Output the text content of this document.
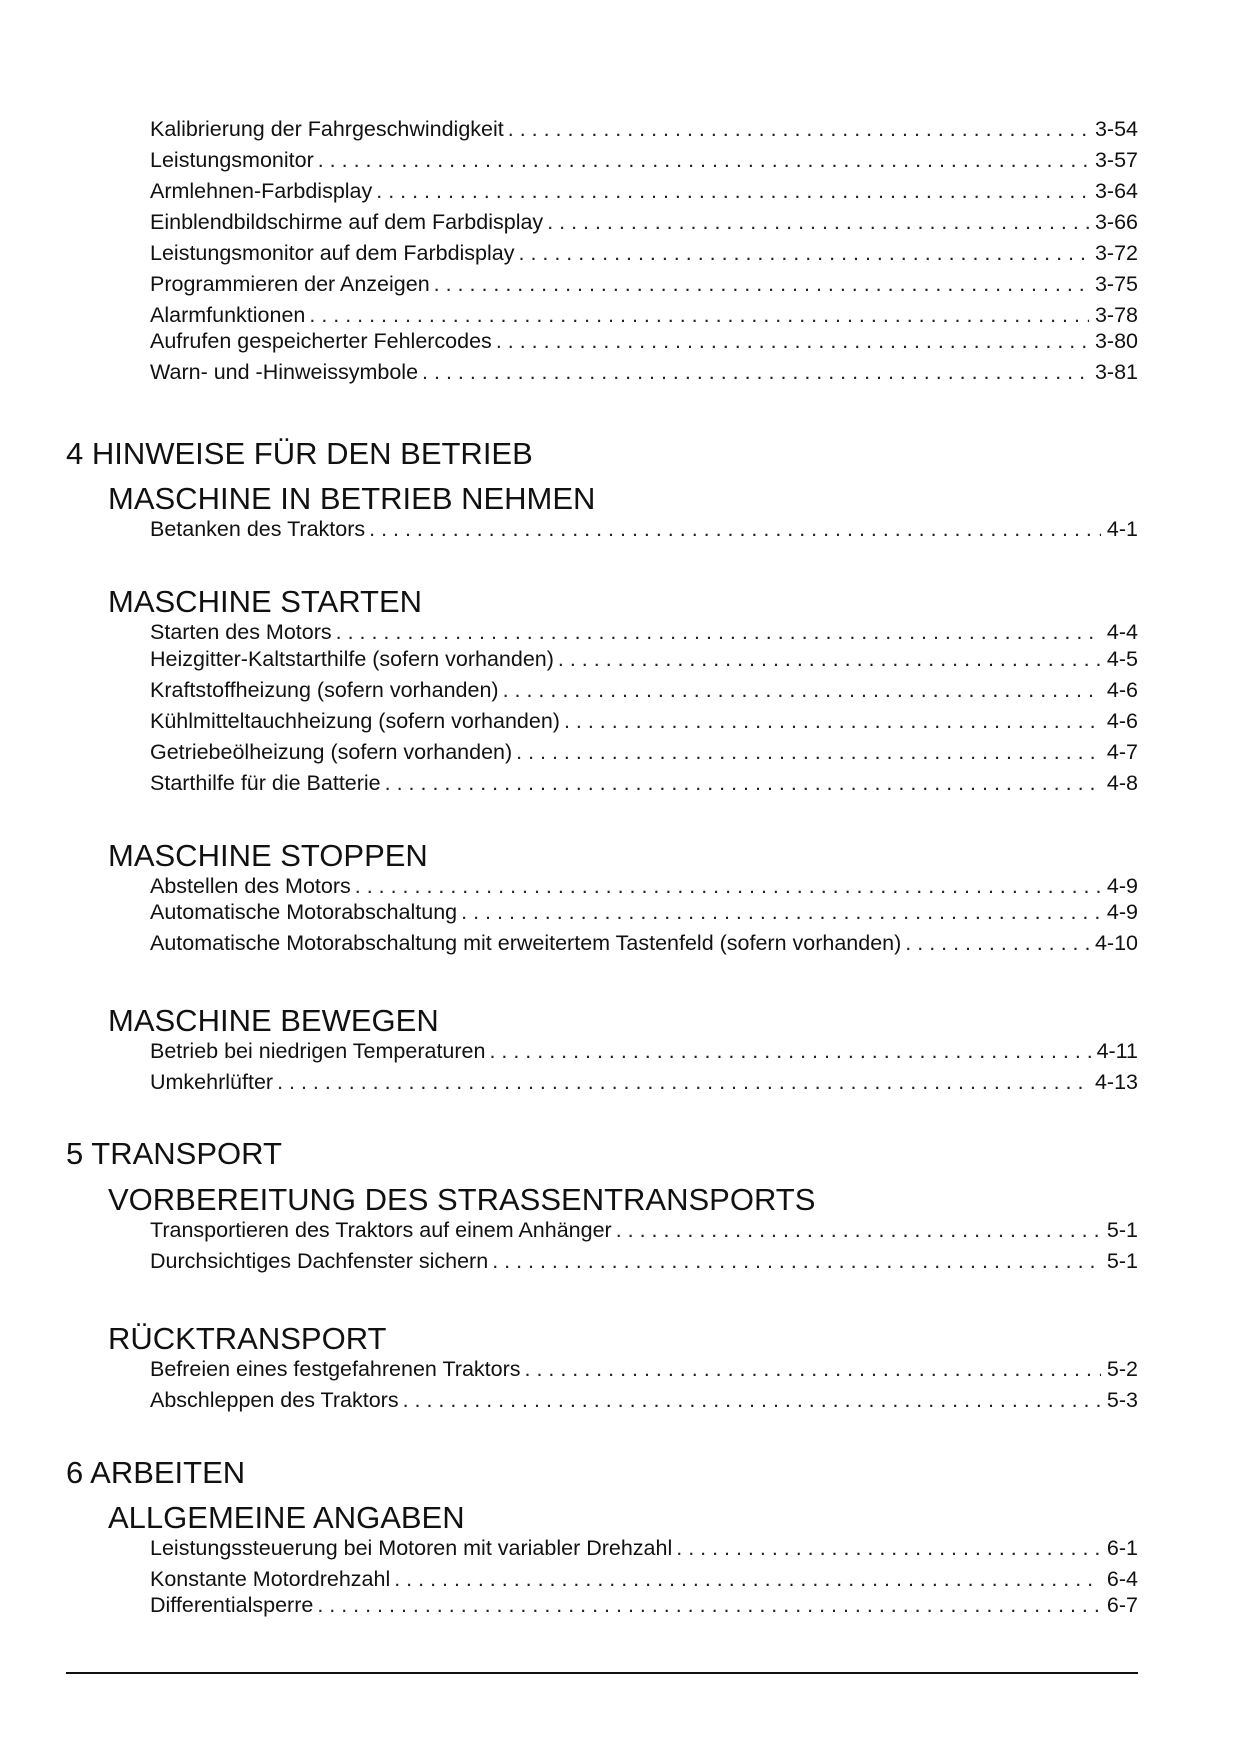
Kalibrierung der Fahrgeschwindigkeit . . .	3-54
Leistungsmonitor . . .	3-57
Armlehnen-Farbdisplay . . .	3-64
Einblendbildschirme auf dem Farbdisplay . . .	3-66
Leistungsmonitor auf dem Farbdisplay . . .	3-72
Programmieren der Anzeigen . . .	3-75
Alarmfunktionen . . .	3-78
Aufrufen gespeicherter Fehlercodes . . .	3-80
Warn- und -Hinweissymbole . . .	3-81
4 HINWEISE FÜR DEN BETRIEB
MASCHINE IN BETRIEB NEHMEN
Betanken des Traktors . . .	4-1
MASCHINE STARTEN
Starten des Motors . . .	4-4
Heizgitter-Kaltstarthilfe (sofern vorhanden) . . .	4-5
Kraftstoffheizung (sofern vorhanden) . . .	4-6
Kühlmitteltauchheizung (sofern vorhanden) . . .	4-6
Getriebeölheizung (sofern vorhanden) . . .	4-7
Starthilfe für die Batterie . . .	4-8
MASCHINE STOPPEN
Abstellen des Motors . . .	4-9
Automatische Motorabschaltung . . .	4-9
Automatische Motorabschaltung mit erweitertem Tastenfeld (sofern vorhanden) . . .	4-10
MASCHINE BEWEGEN
Betrieb bei niedrigen Temperaturen . . .	4-11
Umkehrlüfter . . .	4-13
5 TRANSPORT
VORBEREITUNG DES STRASSENTRANSPORTS
Transportieren des Traktors auf einem Anhänger . . .	5-1
Durchsichtiges Dachfenster sichern . . .	5-1
RÜCKTRANSPORT
Befreien eines festgefahrenen Traktors . . .	5-2
Abschleppen des Traktors . . .	5-3
6 ARBEITEN
ALLGEMEINE ANGABEN
Leistungssteuerung bei Motoren mit variabler Drehzahl . . .	6-1
Konstante Motordrehzahl . . .	6-4
Differentialsperre . . .	6-7
